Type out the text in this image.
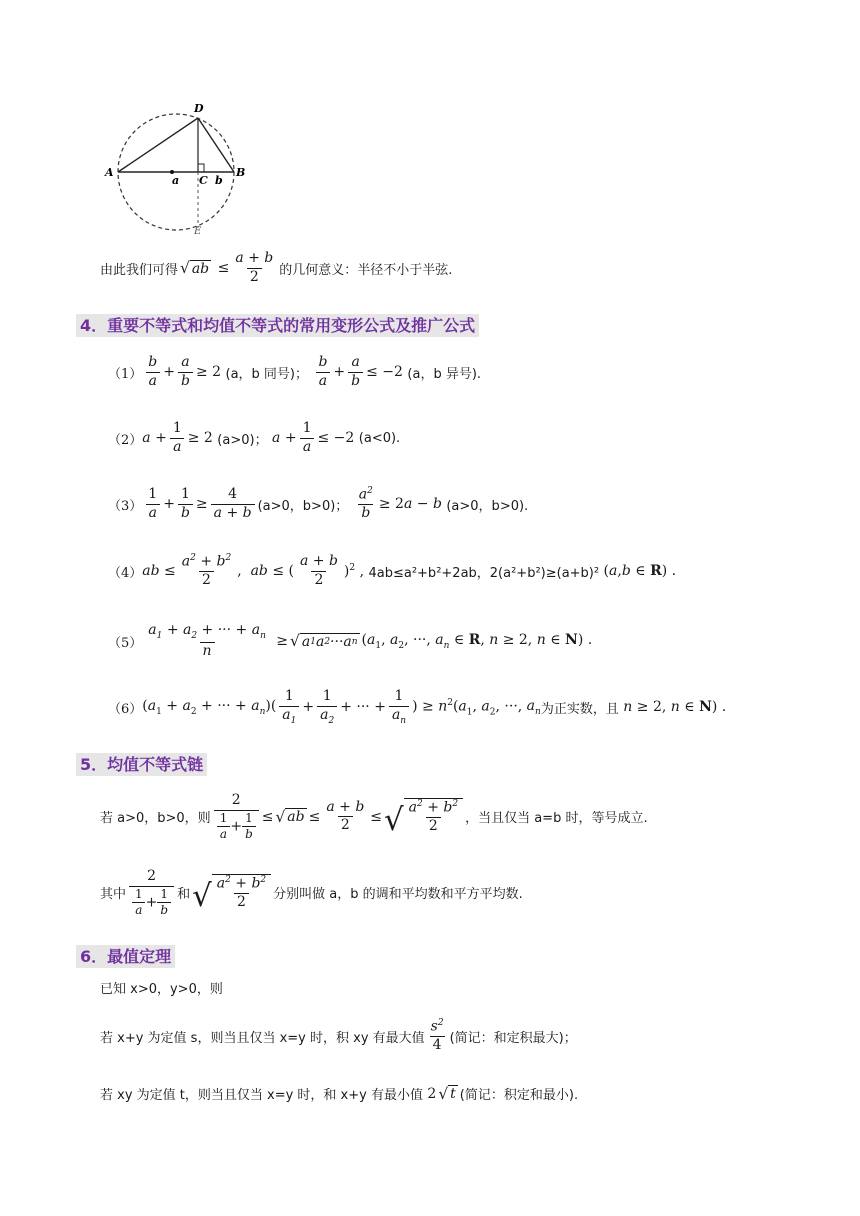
D
A	B
C
E
a	b
由此我们可得 √ ab ≤ $\frac{a + b}{2}$ 的几何意义：半径不小于半弦.
4．重要不等式和均值不等式的常用变形公式及推广公式
$(1) \frac{b}{a} + \frac{a}{b} \ge 2$ (a，b 同号)；
$\frac{b}{a} + \frac{a}{b} \le -2$ (a，b 异号).
（2） $a + \frac{1}{a} \ge 2$ (a>0)；
$a + \frac{1}{a} \le -2$ (a<0).
$(3) \frac{1}{a} + \frac{1}{b} \ge \frac{4}{a + b} (a>0$，b>0)；
$\frac{a^2}{b} \ge 2a - b$ (a>0，b>0).
（4） ab ≤ $\frac{a^2 + b^2}{2}$ , ab ≤ ( $\frac{a + b}{2} )^2$ , 4ab≤a²+b²+2ab，2(a²+b²)≥(a+b)² (a,b ∈ R) .
$(5) \frac{a_1 + a_2 + \cdot\cdot\cdot + a_n}{n}$ ≥ √ a 1 a 2 ···a n ($a_1$, $a_2$, ···, $a_n$ ∈ R, n ≥ 2, n ∈ N) .
（6） ($a_1 + a_2$ + ··· + $a_n)( \frac{1}{a_1} + \frac{1}{a_2}$ + ··· + $\frac{1}{a_n}$ ) ≥ $n^2(a_1$, $a_2$, ···, $a_n$ 为正实数，且 n ≥ 2, n ∈ N) .
5．均值不等式链
若 a>0，b>0，则 $\frac{2}{\frac{1}{a} + \frac{1}{b}}$ ≤ √ ab ≤ $\frac{a + b}{2}$ ≤ √ $\frac{a^2 + b^2}{2}$ ，当且仅当 a=b 时，等号成立.
其中 $\frac{2}{\frac{1}{a} + \frac{1}{b}}$ 和 √ $\frac{a^2 + b^2}{2}$ 分别叫做 a，b 的调和平均数和平方平均数.
6．最值定理
已知 x>0，y>0，则
若 x+y 为定值 s，则当且仅当 x=y 时，积 xy 有最大值 $\frac{s^2}{4}$ (简记：和定积最大)；
若 xy 为定值 t，则当且仅当 x=y 时，和 x+y 有最小值 2 √ t (简记：积定和最小).
